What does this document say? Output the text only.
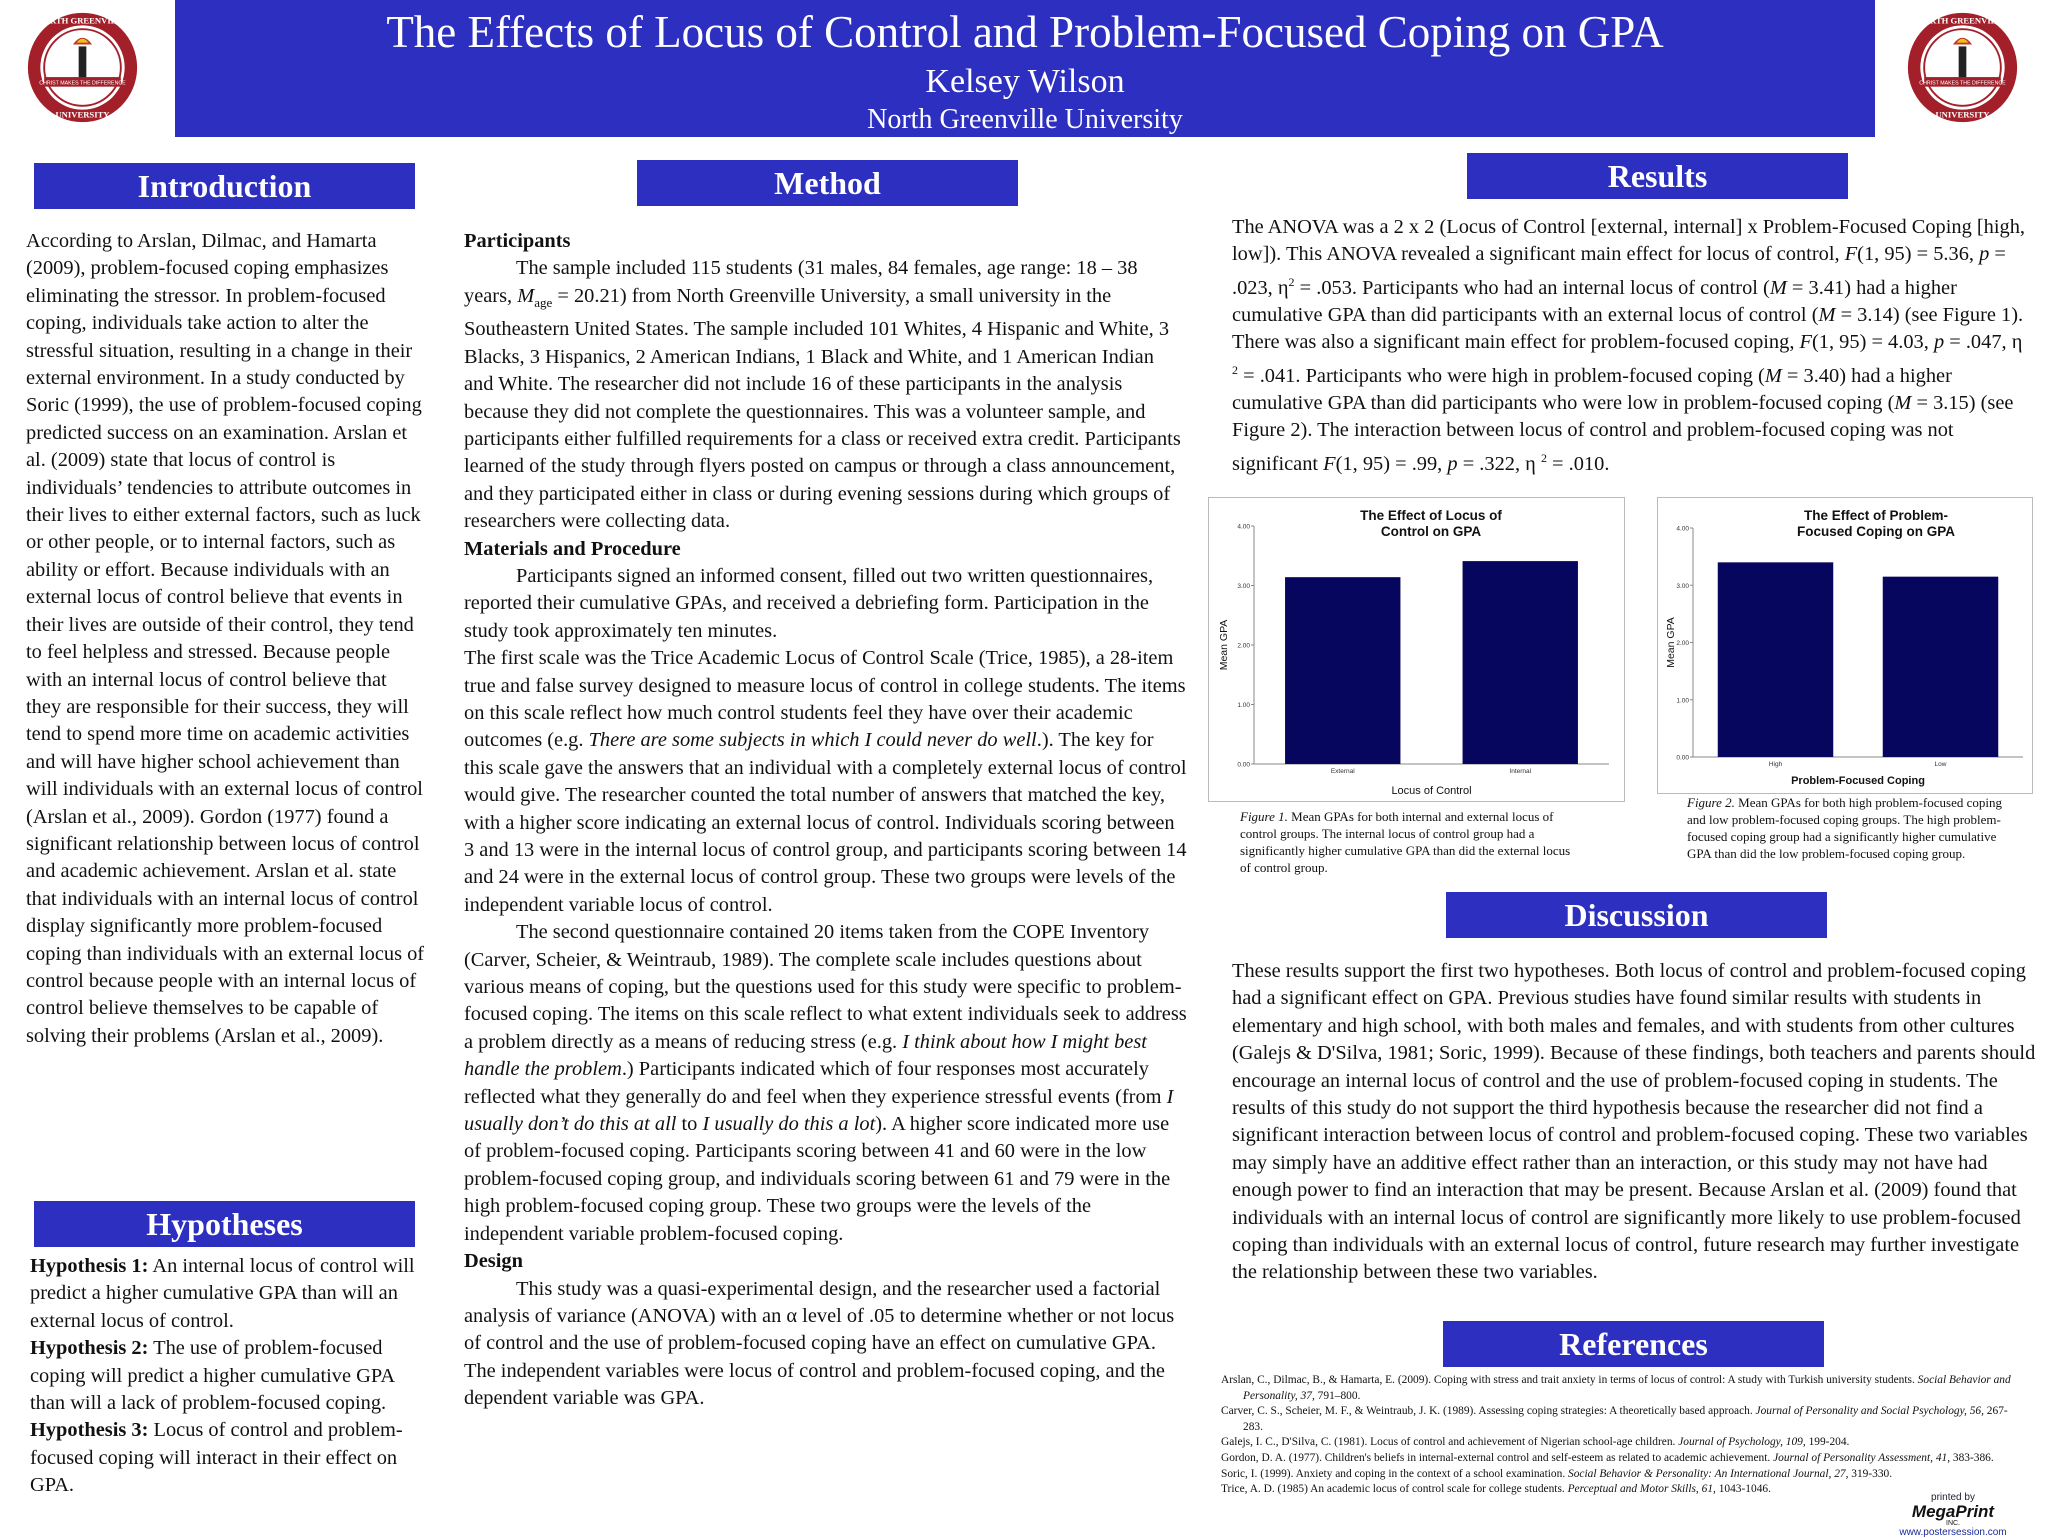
CHRIST MAKES THE DIFFERENCE
NORTH GREENVILLE
UNIVERSITY
CHRIST MAKES THE DIFFERENCE
NORTH GREENVILLE
UNIVERSITY
The Effects of Locus of Control and Problem-Focused Coping on GPA
Kelsey Wilson
North Greenville University
Introduction

According to Arslan, Dilmac, and Hamarta (2009), problem-focused coping emphasizes eliminating the stressor. In problem-focused coping, individuals take action to alter the stressful situation, resulting in a change in their external environment. In a study conducted by Soric (1999), the use of problem-focused coping predicted success on an examination. Arslan et al. (2009) state that locus of control is individuals’ tendencies to attribute outcomes in their lives to either external factors, such as luck or other people, or to internal factors, such as ability or effort. Because individuals with an external locus of control believe that events in their lives are outside of their control, they tend to feel helpless and stressed. Because people with an internal locus of control believe that they are responsible for their success, they will tend to spend more time on academic activities and will have higher school achievement than will individuals with an external locus of control (Arslan et al., 2009). Gordon (1977) found a significant relationship between locus of control and academic achievement. Arslan et al. state that individuals with an internal locus of control display significantly more problem-focused coping than individuals with an external locus of control because people with an internal locus of control believe themselves to be capable of solving their problems (Arslan et al., 2009).

Hypotheses

Hypothesis 1: An internal locus of control will predict a higher cumulative GPA than will an external locus of control.

Hypothesis 2: The use of problem-focused coping will predict a higher cumulative GPA than will a lack of problem-focused coping.

Hypothesis 3: Locus of control and problem-focused coping will interact in their effect on GPA.

Method

Participants

The sample included 115 students (31 males, 84 females, age range: 18 – 38 years, $M_{age} = 20.21$) from North Greenville University, a small university in the Southeastern United States. The sample included 101 Whites, 4 Hispanic and White, 3 Blacks, 3 Hispanics, 2 American Indians, 1 Black and White, and 1 American Indian and White. The researcher did not include 16 of these participants in the analysis because they did not complete the questionnaires. This was a volunteer sample, and participants either fulfilled requirements for a class or received extra credit. Participants learned of the study through flyers posted on campus or through a class announcement, and they participated either in class or during evening sessions during which groups of researchers were collecting data.

Materials and Procedure

Participants signed an informed consent, filled out two written questionnaires, reported their cumulative GPAs, and received a debriefing form. Participation in the study took approximately ten minutes.

The first scale was the Trice Academic Locus of Control Scale (Trice, 1985), a 28-item true and false survey designed to measure locus of control in college students. The items on this scale reflect how much control students feel they have over their academic outcomes (e.g. There are some subjects in which I could never do well.). The key for this scale gave the answers that an individual with a completely external locus of control would give. The researcher counted the total number of answers that matched the key, with a higher score indicating an external locus of control. Individuals scoring between 3 and 13 were in the internal locus of control group, and participants scoring between 14 and 24 were in the external locus of control group. These two groups were levels of the independent variable locus of control.

The second questionnaire contained 20 items taken from the COPE Inventory (Carver, Scheier, & Weintraub, 1989). The complete scale includes questions about various means of coping, but the questions used for this study were specific to problem-focused coping. The items on this scale reflect to what extent individuals seek to address a problem directly as a means of reducing stress (e.g. I think about how I might best handle the problem.) Participants indicated which of four responses most accurately reflected what they generally do and feel when they experience stressful events (from I usually don’t do this at all to I usually do this a lot). A higher score indicated more use of problem-focused coping. Participants scoring between 41 and 60 were in the low problem-focused coping group, and individuals scoring between 61 and 79 were in the high problem-focused coping group. These two groups were the levels of the independent variable problem-focused coping.

Design

This study was a quasi-experimental design, and the researcher used a factorial analysis of variance (ANOVA) with an α level of .05 to determine whether or not locus of control and the use of problem-focused coping have an effect on cumulative GPA. The independent variables were locus of control and problem-focused coping, and the dependent variable was GPA.

Results

The ANOVA was a 2 x 2 (Locus of Control [external, internal] x Problem-Focused Coping [high, low]). This ANOVA revealed a significant main effect for locus of control, F(1, 95) = 5.36, p = .023, $\eta^2 = .053$. Participants who had an internal locus of control (M = 3.41) had a higher cumulative GPA than did participants with an external locus of control (M = 3.14) (see Figure 1). There was also a significant main effect for problem-focused coping, F(1, 95) = 4.03, p = .047, η $^2$ = .041. Participants who were high in problem-focused coping (M = 3.40) had a higher cumulative GPA than did participants who were low in problem-focused coping (M = 3.15) (see Figure 2). The interaction between locus of control and problem-focused coping was not significant F(1, 95) = .99, p = .322, η $^2$ = .010.

The Effect of Locus of
Control on GPA
0.00
1.00
2.00
3.00
4.00
Mean GPA
External	Internal
Locus of Control
Figure 1. Mean GPAs for both internal and external locus of control groups. The internal locus of control group had a significantly higher cumulative GPA than did the external locus of control group.
The Effect of Problem-
Focused Coping on GPA
0.00
1.00
2.00
3.00
4.00
Mean GPA
High	Low
Problem-Focused Coping
Figure 2. Mean GPAs for both high problem-focused coping and low problem-focused coping groups. The high problem-focused coping group had a significantly higher cumulative GPA than did the low problem-focused coping group.
Discussion

These results support the first two hypotheses. Both locus of control and problem-focused coping had a significant effect on GPA. Previous studies have found similar results with students in elementary and high school, with both males and females, and with students from other cultures (Galejs & D'Silva, 1981; Soric, 1999). Because of these findings, both teachers and parents should encourage an internal locus of control and the use of problem-focused coping in students. The results of this study do not support the third hypothesis because the researcher did not find a significant interaction between locus of control and problem-focused coping. These two variables may simply have an additive effect rather than an interaction, or this study may not have had enough power to find an interaction that may be present. Because Arslan et al. (2009) found that individuals with an internal locus of control are significantly more likely to use problem-focused coping than individuals with an external locus of control, future research may further investigate the relationship between these two variables.

References

Arslan, C., Dilmac, B., & Hamarta, E. (2009). Coping with stress and trait anxiety in terms of locus of control: A study with Turkish university students. Social Behavior and Personality, 37, 791–800.

Carver, C. S., Scheier, M. F., & Weintraub, J. K. (1989). Assessing coping strategies: A theoretically based approach. Journal of Personality and Social Psychology, 56, 267-283.

Galejs, I. C., D'Silva, C. (1981). Locus of control and achievement of Nigerian school-age children. Journal of Psychology, 109, 199-204.

Gordon, D. A. (1977). Children's beliefs in internal-external control and self-esteem as related to academic achievement. Journal of Personality Assessment, 41, 383-386.

Soric, I. (1999). Anxiety and coping in the context of a school examination. Social Behavior & Personality: An International Journal, 27, 319-330.

Trice, A. D. (1985) An academic locus of control scale for college students. Perceptual and Motor Skills, 61, 1043-1046.

printed by
MegaPrint
INC.
www.postersession.com
